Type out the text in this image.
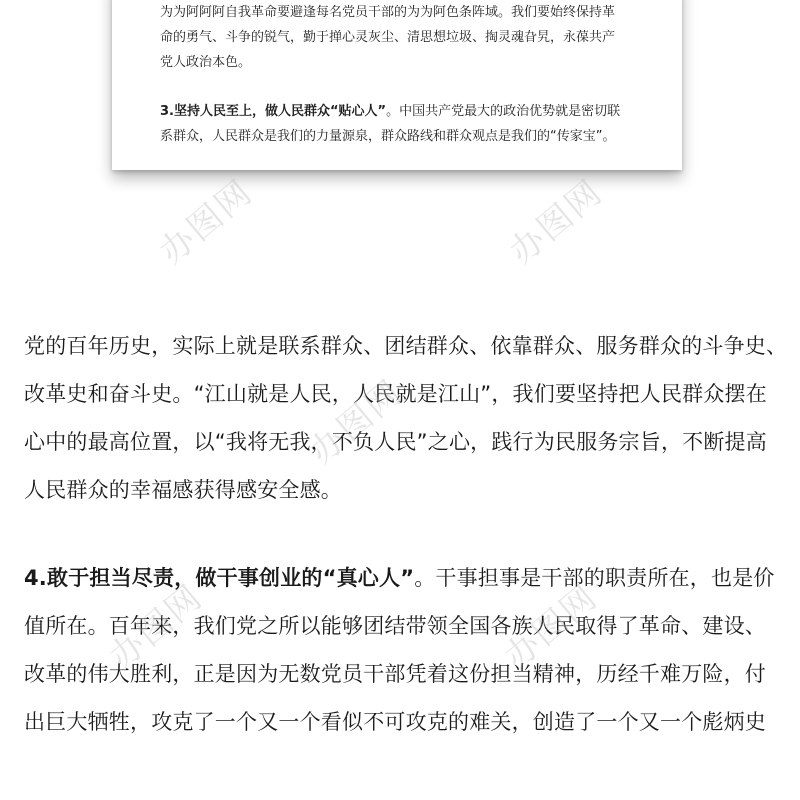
为为阿阿阿自我革命要避逢每名党员干部的为为阿色条阵域。我们要始终保持革
命的勇气、斗争的锐气，勤于掸心灵灰尘、清思想垃圾、掏灵魂旮旯，永葆共产
党人政治本色。
3.坚持人民至上，做人民群众“贴心人”。中国共产党最大的政治优势就是密切联
系群众，人民群众是我们的力量源泉，群众路线和群众观点是我们的“传家宝”。
党的百年历史，实际上就是联系群众、团结群众、依靠群众、服务群众的斗争史、
改革史和奋斗史。“江山就是人民，人民就是江山”，我们要坚持把人民群众摆在
心中的最高位置，以“我将无我，不负人民”之心，践行为民服务宗旨，不断提高
人民群众的幸福感获得感安全感。
4.敢于担当尽责，做干事创业的“真心人”。干事担事是干部的职责所在，也是价
值所在。百年来，我们党之所以能够团结带领全国各族人民取得了革命、建设、
改革的伟大胜利，正是因为无数党员干部凭着这份担当精神，历经千难万险，付
出巨大牺牲，攻克了一个又一个看似不可攻克的难关，创造了一个又一个彪炳史
办图网	办图网
办图网
办图网	办图网
